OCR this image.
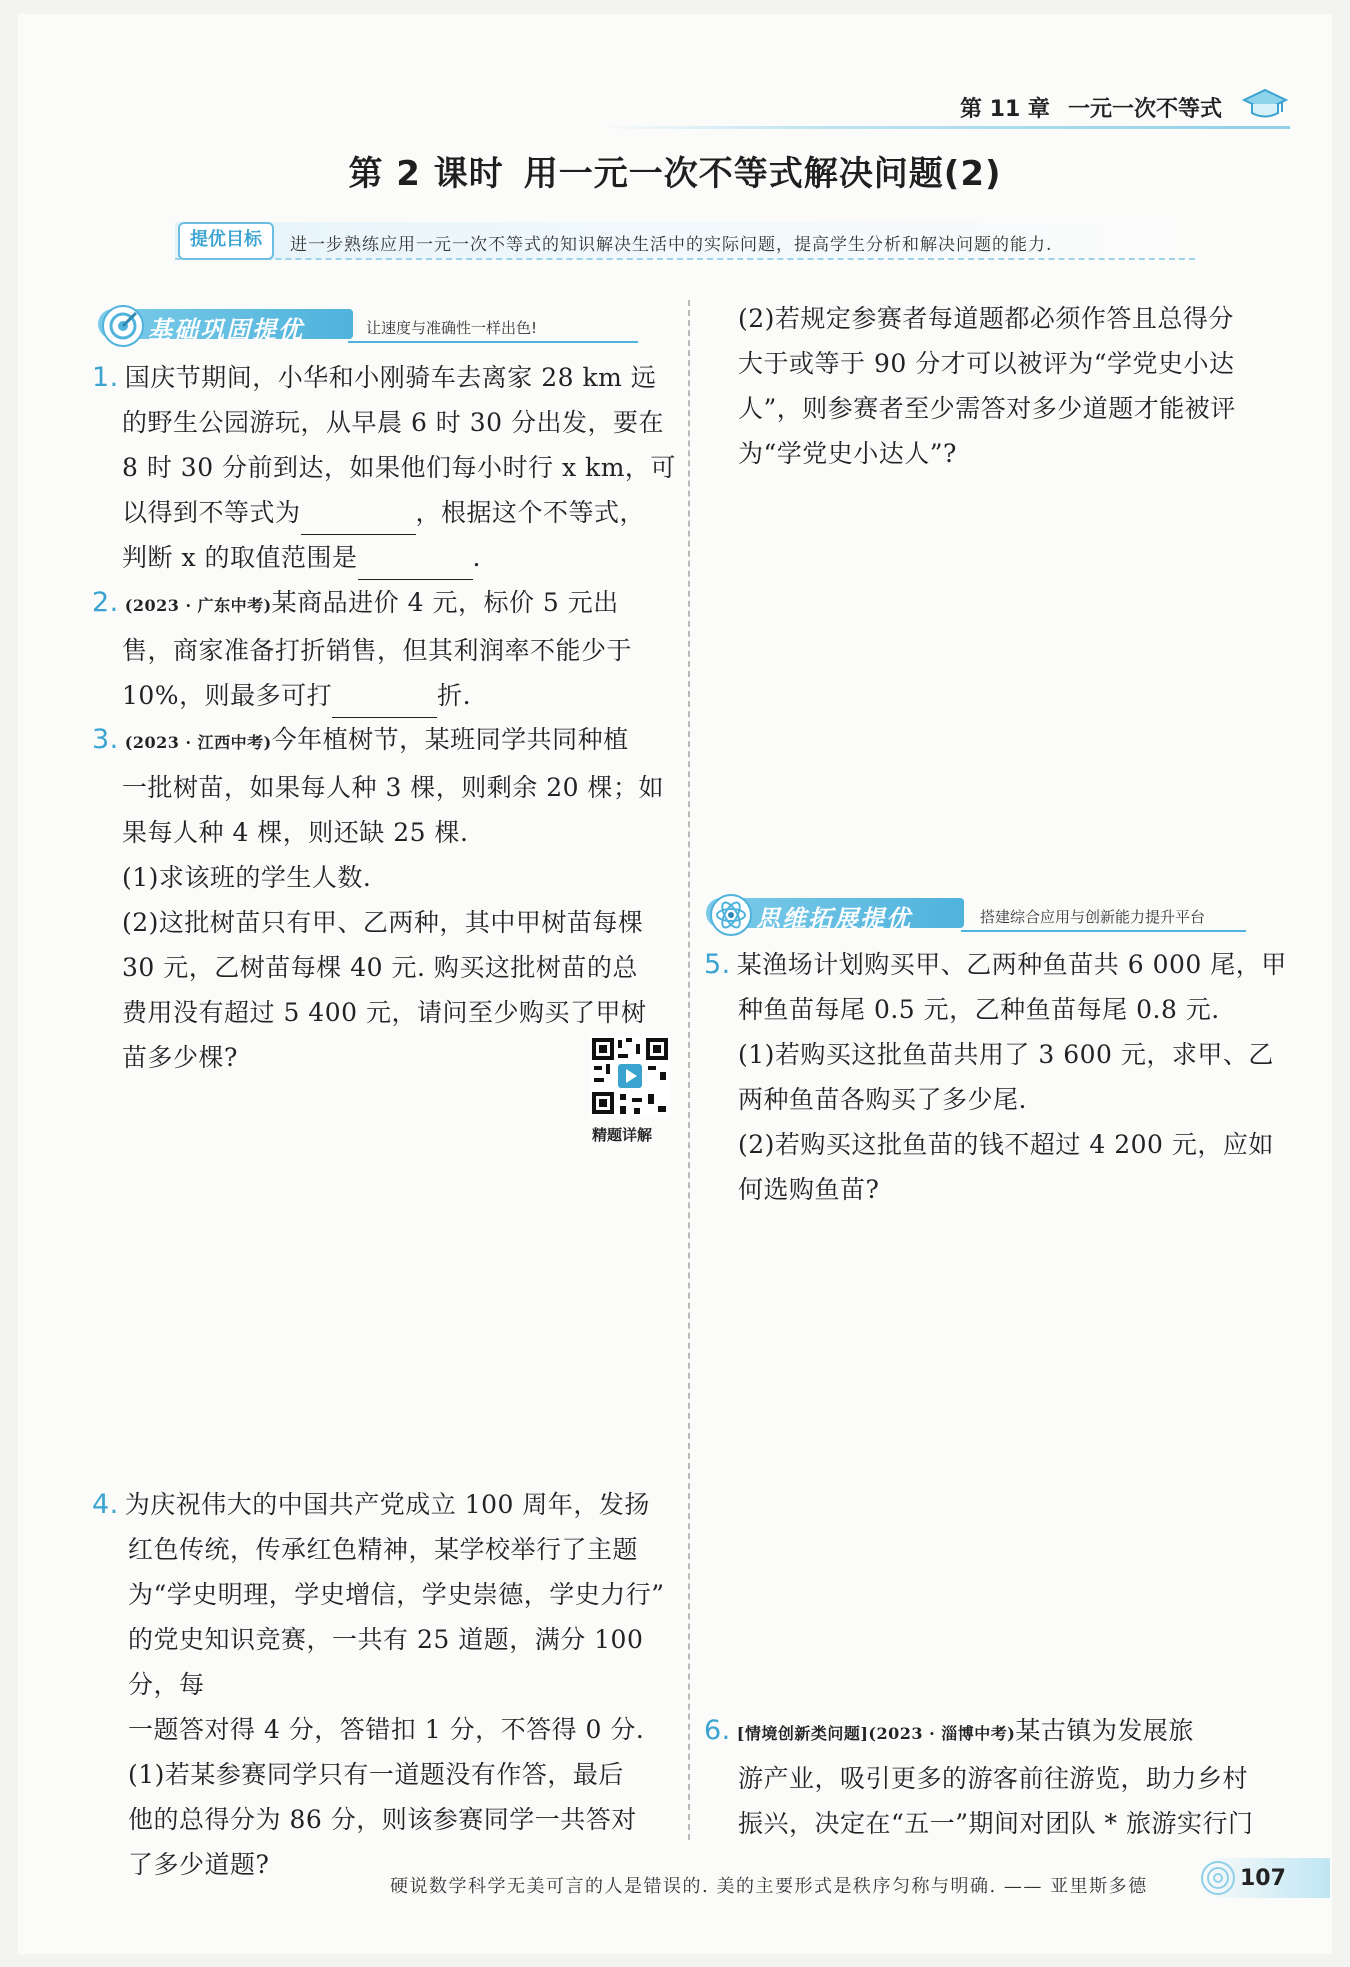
第 11 章 一元一次不等式
第 2 课时 用一元一次不等式解决问题(2)
提优目标	进一步熟练应用一元一次不等式的知识解决生活中的实际问题，提高学生分析和解决问题的能力.
基础巩固提优	让速度与准确性一样出色!
1. 国庆节期间，小华和小刚骑车去离家 28 km 远
的野生公园游玩，从早晨 6 时 30 分出发，要在
8 时 30 分前到达，如果他们每小时行 x km，可
以得到不等式为	，根据这个不等式，
判断 x 的取值范围是	.
2. (2023 · 广东中考)某商品进价 4 元，标价 5 元出
售，商家准备打折销售，但其利润率不能少于
10%，则最多可打	折.
3. (2023 · 江西中考)今年植树节，某班同学共同种植
一批树苗，如果每人种 3 棵，则剩余 20 棵；如
果每人种 4 棵，则还缺 25 棵.
(1)求该班的学生人数.
(2)这批树苗只有甲、乙两种，其中甲树苗每棵
30 元，乙树苗每棵 40 元. 购买这批树苗的总
费用没有超过 5 400 元，请问至少购买了甲树
苗多少棵?
精题详解
4. 为庆祝伟大的中国共产党成立 100 周年，发扬
红色传统，传承红色精神，某学校举行了主题
为“学史明理，学史增信，学史崇德，学史力行”
的党史知识竞赛，一共有 25 道题，满分 100 分，每
一题答对得 4 分，答错扣 1 分，不答得 0 分.
(1)若某参赛同学只有一道题没有作答，最后
他的总得分为 86 分，则该参赛同学一共答对
了多少道题?
(2)若规定参赛者每道题都必须作答且总得分
大于或等于 90 分才可以被评为“学党史小达
人”，则参赛者至少需答对多少道题才能被评
为“学党史小达人”?
思维拓展提优	搭建综合应用与创新能力提升平台
5. 某渔场计划购买甲、乙两种鱼苗共 6 000 尾，甲
种鱼苗每尾 0.5 元，乙种鱼苗每尾 0.8 元.
(1)若购买这批鱼苗共用了 3 600 元，求甲、乙
两种鱼苗各购买了多少尾.
(2)若购买这批鱼苗的钱不超过 4 200 元，应如
何选购鱼苗?
6. [情境创新类问题](2023 · 淄博中考)某古镇为发展旅
游产业，吸引更多的游客前往游览，助力乡村
振兴，决定在“五一”期间对团队 * 旅游实行门
硬说数学科学无美可言的人是错误的. 美的主要形式是秩序匀称与明确. —— 亚里斯多德	107
